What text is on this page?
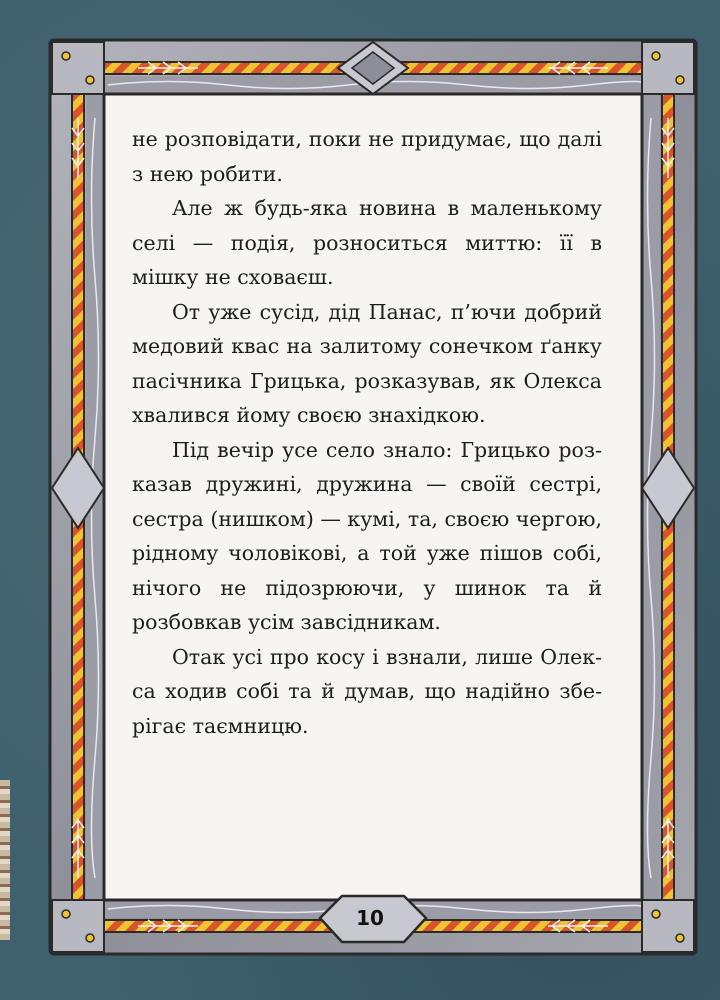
не розповідати, поки не придумає, що далі з нею робити.

Але ж будь-яка новина в маленькому селі — подія, розноситься миттю: її в мішку не сховаєш.

От уже сусід, дід Панас, п’ючи добрий медовий квас на залитому сонечком ґанку пасічника Грицька, розказував, як Олекса хвалився йому своєю знахідкою.

Під вечір усе село знало: Грицько розказав дружині, дружина — своїй сестрі, сестра (нишком) — кумі, та, своєю чергою, рідному чоловікові, а той уже пішов собі, нічого не підозрюючи, у шинок та й розбовкав усім завсідникам.

Отак усі про косу і взнали, лише Олекса ходив собі та й думав, що надійно зберігає таємницю.

10
